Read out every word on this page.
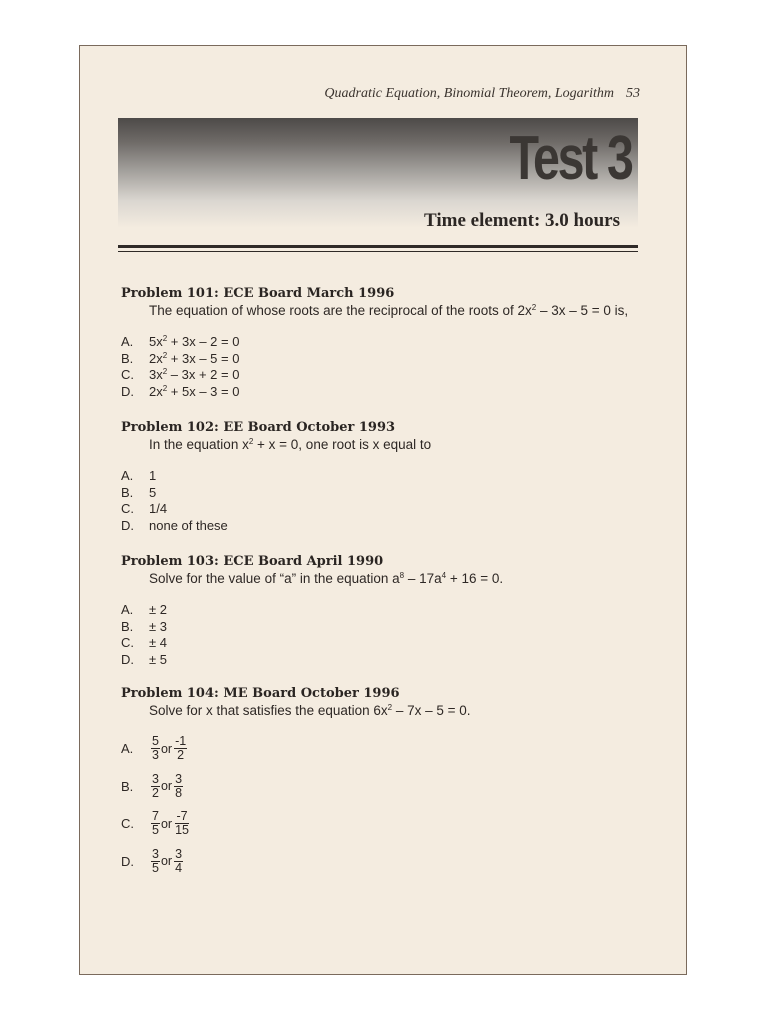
Quadratic Equation, Binomial Theorem, Logarithm 53
Test 3
Time element: 3.0 hours
Problem 101: ECE Board March 1996
The equation of whose roots are the reciprocal of the roots of $2x^2 - 3x - 5 = 0$ is,
A. $5x^2 + 3x - 2 = 0$
B. $2x^2 + 3x - 5 = 0$
C. $3x^2 - 3x + 2 = 0$
D. $2x^2 + 5x - 3 = 0$
Problem 102: EE Board October 1993
In the equation $x^2 + x = 0$, one root is x equal to
A. 1
B. 5
C. 1/4
D. none of these
Problem 103: ECE Board April 1990
Solve for the value of “a” in the equation $a^8 - 17a^4 + 16 = 0$.
A. ± 2
B. ± 3
C. ± 4
D. ± 5
Problem 104: ME Board October 1996
Solve for x that satisfies the equation $6x^2 - 7x - 5 = 0$.
A.	$\frac{5}{3}$ or $\frac{-1}{2}$
B.	$\frac{3}{2}$ or $\frac{3}{8}$
C.	$\frac{7}{5}$ or $\frac{-7}{15}$
D.	$\frac{3}{5}$ or $\frac{3}{4}$
